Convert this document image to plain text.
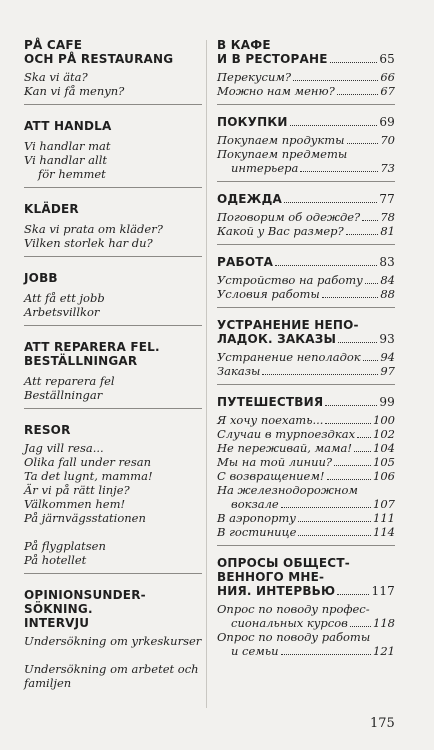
PÅ CAFE
OCH PÅ RESTAURANG
Ska vi äta?
Kan vi få menyn?
ATT HANDLA
Vi handlar mat
Vi handlar allt
för hemmet
KLÄDER
Ska vi prata om kläder?
Vilken storlek har du?
JOBB
Att få ett jobb
Arbetsvillkor
ATT REPARERA FEL.
BESTÄLLNINGAR
Att reparera fel
Beställningar
RESOR
Jag vill resa...
Olika fall under resan
Ta det lugnt, mamma!
Är vi på rätt linje?
Välkommen hem!
På järnvägsstationen
På flygplatsen
På hotellet
OPINIONSUNDER-
SÖKNING.
INTERVJU
Undersökning om yrkeskurser
Undersökning om arbetet och
familjen
В КАФЕ
И В РЕСТОРАНЕ	65
Перекусим?	66
Можно нам меню?	67
ПОКУПКИ	69
Покупаем продукты	70
Покупаем предметы
интерьера	73
ОДЕЖДА	77
Поговорим об одежде? 78
Какой у Вас размер?	81
РАБОТА	83
Устройство на работу 84
Условия работы	88
УСТРАНЕНИЕ НЕПО-
ЛАДОК. ЗАКАЗЫ	93
Устранение неполадок 94
Заказы	97
ПУТЕШЕСТВИЯ	99
Я хочу поехать...	100
Случаи в турпоездках 102
Не переживай, мама! 104
Мы на той линии?	105
С возвращением!	106
На железнодорожном
вокзале	107
В аэропорту	111
В гостинице	114
ОПРОСЫ ОБЩЕСТ-
ВЕННОГО МНЕ-
НИЯ. ИНТЕРВЬЮ	117
Опрос по поводу профес-
сиональных курсов 118
Опрос по поводу работы
и семьи	121
175
